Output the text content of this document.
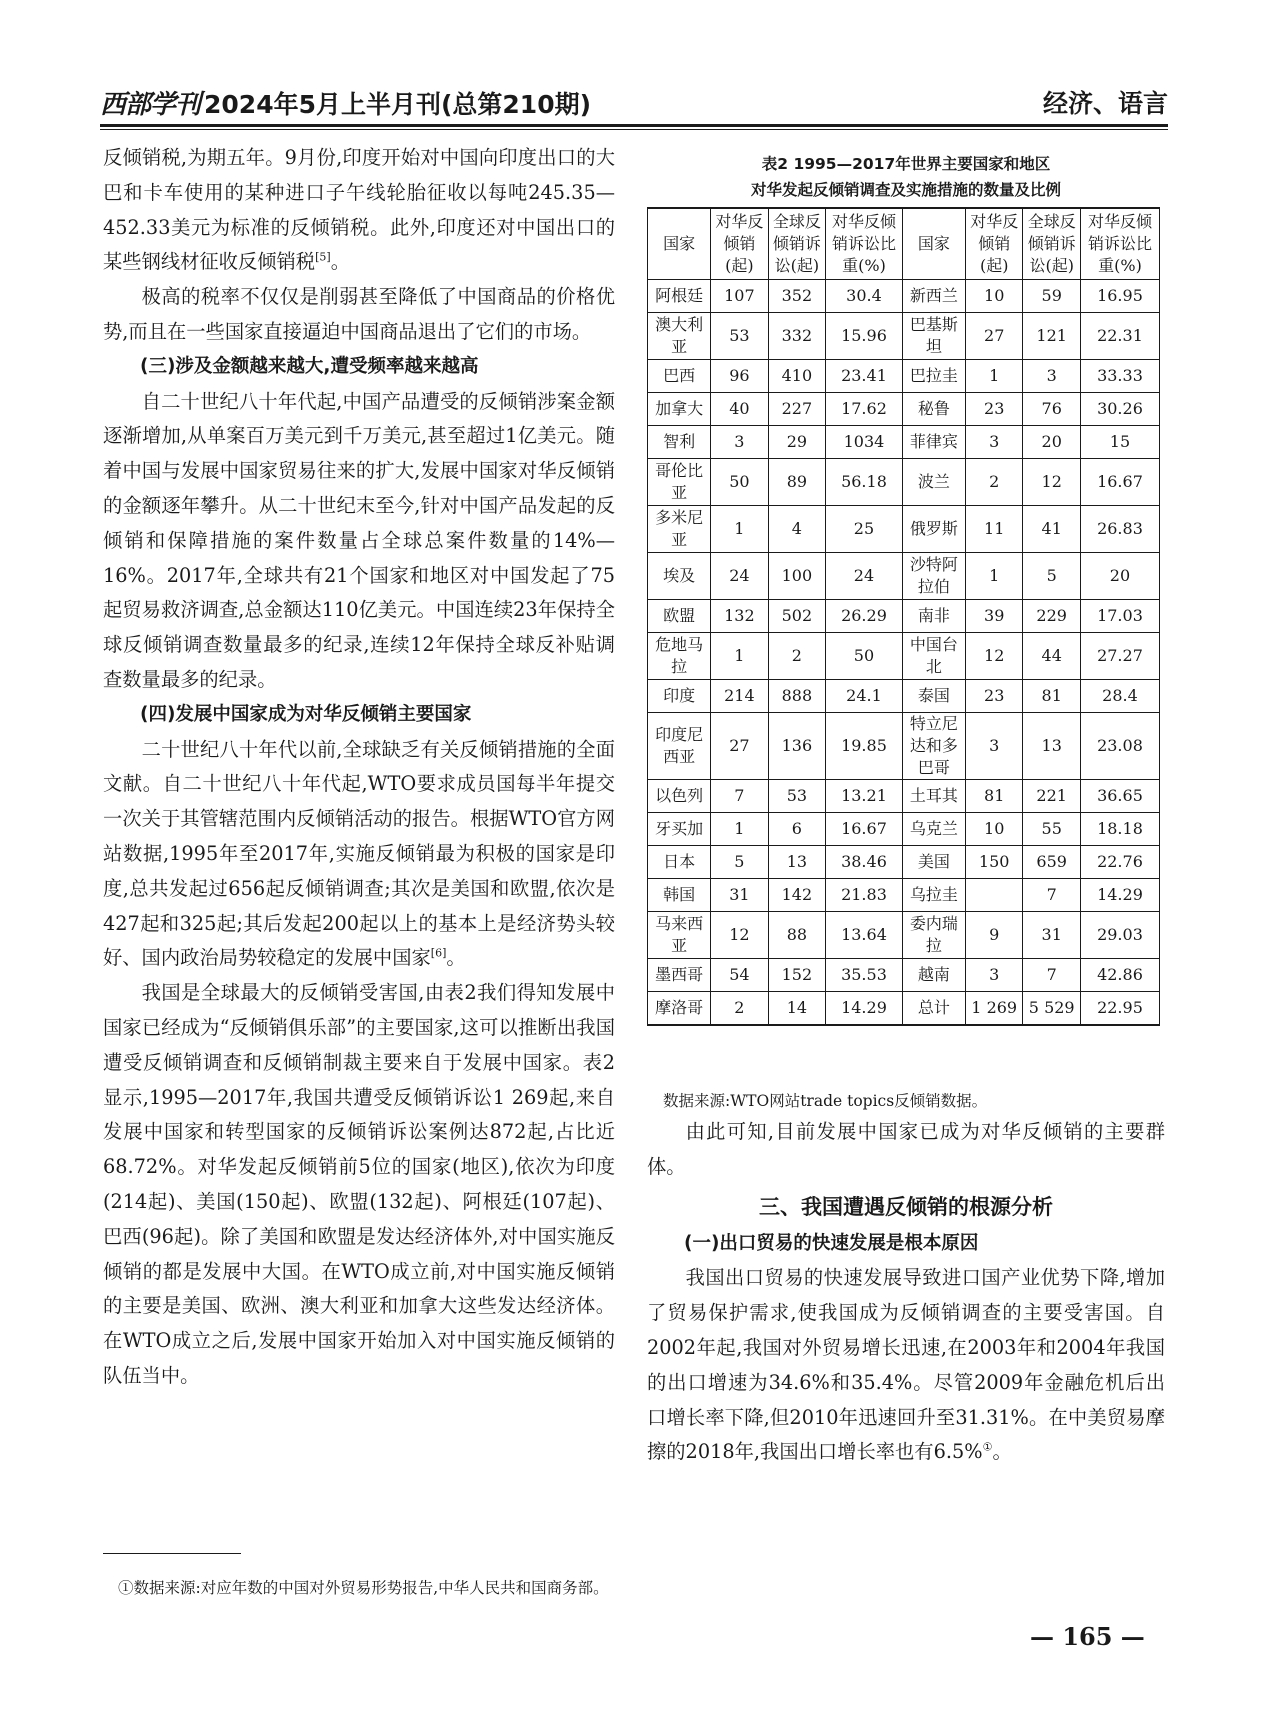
西部学刊 2024年5月上半月刊(总第210期)	经济、语言

反倾销税,为期五年。9月份,印度开始对中国向印度出口的大巴和卡车使用的某种进口子午线轮胎征收以每吨245.35—452.33美元为标准的反倾销税。此外,印度还对中国出口的某些钢线材征收反倾销税[5]。

极高的税率不仅仅是削弱甚至降低了中国商品的价格优势,而且在一些国家直接逼迫中国商品退出了它们的市场。

(三)涉及金额越来越大,遭受频率越来越高

自二十世纪八十年代起,中国产品遭受的反倾销涉案金额逐渐增加,从单案百万美元到千万美元,甚至超过1亿美元。随着中国与发展中国家贸易往来的扩大,发展中国家对华反倾销的金额逐年攀升。从二十世纪末至今,针对中国产品发起的反倾销和保障措施的案件数量占全球总案件数量的14%—16%。2017年,全球共有21个国家和地区对中国发起了75起贸易救济调查,总金额达110亿美元。中国连续23年保持全球反倾销调查数量最多的纪录,连续12年保持全球反补贴调查数量最多的纪录。

(四)发展中国家成为对华反倾销主要国家

二十世纪八十年代以前,全球缺乏有关反倾销措施的全面文献。自二十世纪八十年代起,WTO要求成员国每半年提交一次关于其管辖范围内反倾销活动的报告。根据WTO官方网站数据,1995年至2017年,实施反倾销最为积极的国家是印度,总共发起过656起反倾销调查;其次是美国和欧盟,依次是427起和325起;其后发起200起以上的基本上是经济势头较好、国内政治局势较稳定的发展中国家[6]。

我国是全球最大的反倾销受害国,由表2我们得知发展中国家已经成为“反倾销俱乐部”的主要国家,这可以推断出我国遭受反倾销调查和反倾销制裁主要来自于发展中国家。表2显示,1995—2017年,我国共遭受反倾销诉讼1 269起,来自发展中国家和转型国家的反倾销诉讼案例达872起,占比近68.72%。对华发起反倾销前5位的国家(地区),依次为印度(214起)、美国(150起)、欧盟(132起)、阿根廷(107起)、巴西(96起)。除了美国和欧盟是发达经济体外,对中国实施反倾销的都是发展中大国。在WTO成立前,对中国实施反倾销的主要是美国、欧洲、澳大利亚和加拿大这些发达经济体。在WTO成立之后,发展中国家开始加入对中国实施反倾销的队伍当中。

表2 1995—2017年世界主要国家和地区
对华发起反倾销调查及实施措施的数量及比例
国家	对华反倾销(起)	全球反倾销诉讼(起)	对华反倾销诉讼比重(%)	国家	对华反倾销(起)	全球反倾销诉讼(起)	对华反倾销诉讼比重(%)
阿根廷	107	352	30.4	新西兰	10	59	16.95
澳大利亚	53	332	15.96	巴基斯坦	27	121	22.31
巴西	96	410	23.41	巴拉圭	1	3	33.33
加拿大	40	227	17.62	秘鲁	23	76	30.26
智利	3	29	1034	菲律宾	3	20	15
哥伦比亚	50	89	56.18	波兰	2	12	16.67
多米尼亚	1	4	25	俄罗斯	11	41	26.83
埃及	24	100	24	沙特阿拉伯	1	5	20
欧盟	132	502	26.29	南非	39	229	17.03
危地马拉	1	2	50	中国台北	12	44	27.27
印度	214	888	24.1	泰国	23	81	28.4
印度尼西亚	27	136	19.85	特立尼达和多巴哥	3	13	23.08
以色列	7	53	13.21	土耳其	81	221	36.65
牙买加	1	6	16.67	乌克兰	10	55	18.18
日本	5	13	38.46	美国	150	659	22.76
韩国	31	142	21.83	乌拉圭		7	14.29
马来西亚	12	88	13.64	委内瑞拉	9	31	29.03
墨西哥	54	152	35.53	越南	3	7	42.86
摩洛哥	2	14	14.29	总计	1 269	5 529	22.95
数据来源:WTO网站trade topics反倾销数据。

由此可知,目前发展中国家已成为对华反倾销的主要群体。

三、我国遭遇反倾销的根源分析
(一)出口贸易的快速发展是根本原因

我国出口贸易的快速发展导致进口国产业优势下降,增加了贸易保护需求,使我国成为反倾销调查的主要受害国。自2002年起,我国对外贸易增长迅速,在2003年和2004年我国的出口增速为34.6%和35.4%。尽管2009年金融危机后出口增长率下降,但2010年迅速回升至31.31%。在中美贸易摩擦的2018年,我国出口增长率也有6.5%①。

①数据来源:对应年数的中国对外贸易形势报告,中华人民共和国商务部。
— 165 —
